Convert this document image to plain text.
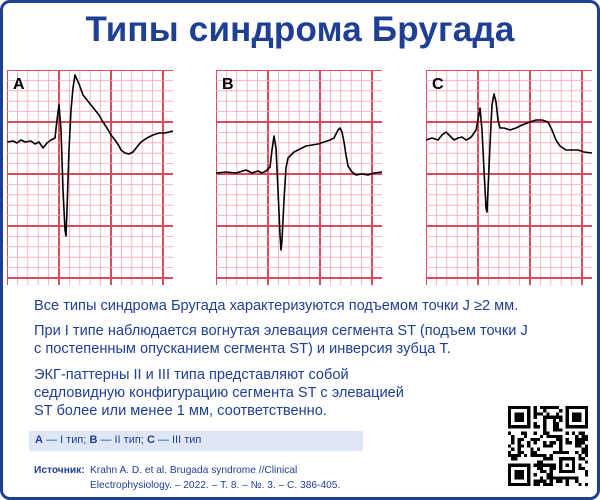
Типы синдрома Бругада
A	B	C
Все типы синдрома Бругада характеризуются подъемом точки J ≥2 мм.
При I типе наблюдается вогнутая элевация сегмента ST (подъем точки J
с постепенным опусканием сегмента ST) и инверсия зубца T.
ЭКГ-паттерны II и III типа представляют собой
седловидную конфигурацию сегмента ST с элевацией
ST более или менее 1 мм, соответственно.
A — I тип; B — II тип; C — III тип
Источник: Krahn A. D. et al. Brugada syndrome //Clinical
Electrophysiology. – 2022. – Т. 8. – №. 3. – С. 386-405.
